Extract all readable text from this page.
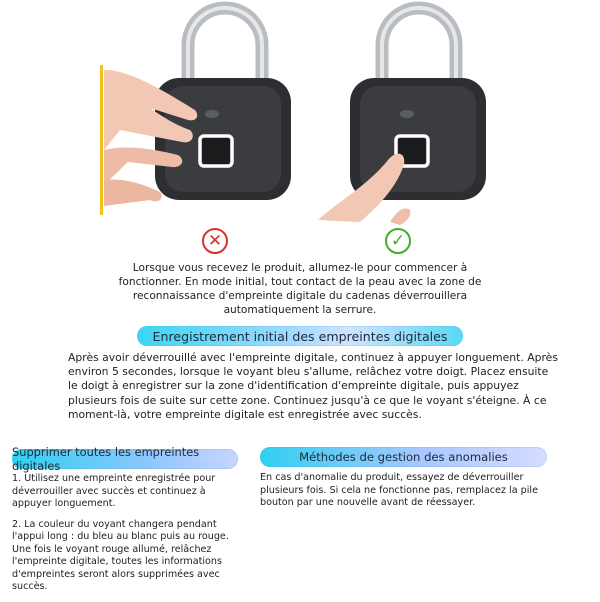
✕	✓
Lorsque vous recevez le produit, allumez-le pour commencer à fonctionner. En mode initial, tout contact de la peau avec la zone de reconnaissance d'empreinte digitale du cadenas déverrouillera automatiquement la serrure.
Enregistrement initial des empreintes digitales
Après avoir déverrouillé avec l'empreinte digitale, continuez à appuyer longuement. Après environ 5 secondes, lorsque le voyant bleu s'allume, relâchez votre doigt. Placez ensuite le doigt à enregistrer sur la zone d'identification d'empreinte digitale, puis appuyez plusieurs fois de suite sur cette zone. Continuez jusqu'à ce que le voyant s'éteigne. À ce moment-là, votre empreinte digitale est enregistrée avec succès.
Supprimer toutes les empreintes digitales

1. Utilisez une empreinte enregistrée pour déverrouiller avec succès et continuez à appuyer longuement.

2. La couleur du voyant changera pendant l'appui long : du bleu au blanc puis au rouge. Une fois le voyant rouge allumé, relâchez l'empreinte digitale, toutes les informations d'empreintes seront alors supprimées avec succès.

Méthodes de gestion des anomalies
En cas d'anomalie du produit, essayez de déverrouiller plusieurs fois. Si cela ne fonctionne pas, remplacez la pile bouton par une nouvelle avant de réessayer.
